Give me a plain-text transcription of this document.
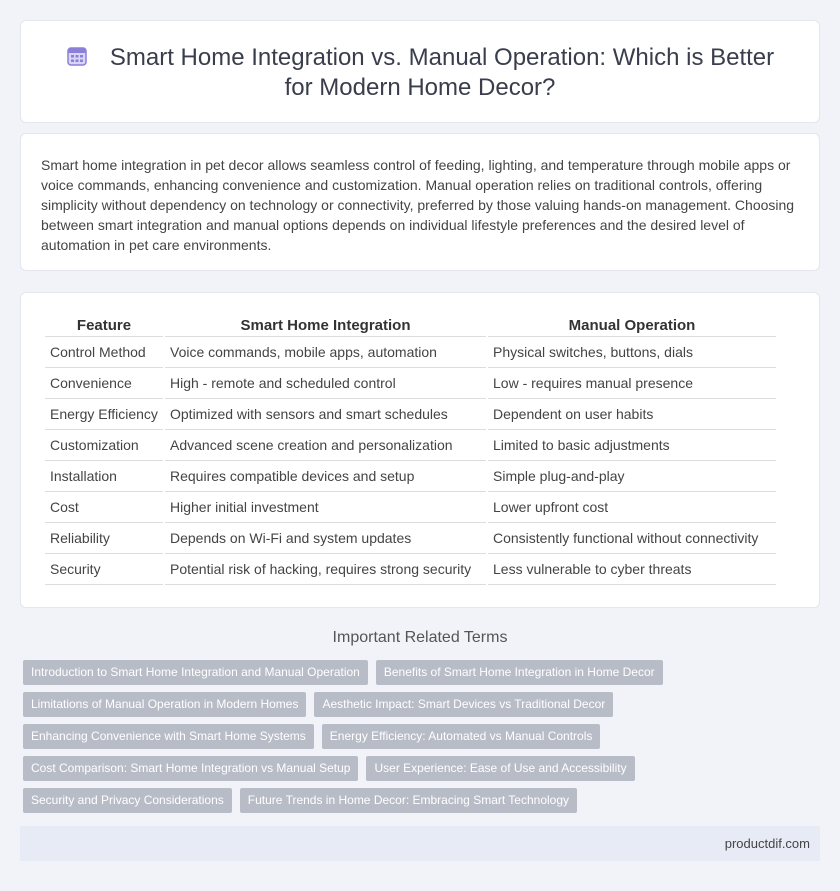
Smart Home Integration vs. Manual Operation: Which is Better for Modern Home Decor?

Smart home integration in pet decor allows seamless control of feeding, lighting, and temperature through mobile apps or voice commands, enhancing convenience and customization. Manual operation relies on traditional controls, offering simplicity without dependency on technology or connectivity, preferred by those valuing hands-on management. Choosing between smart integration and manual options depends on individual lifestyle preferences and the desired level of automation in pet care environments.

Feature	Smart Home Integration	Manual Operation
Control Method	Voice commands, mobile apps, automation	Physical switches, buttons, dials
Convenience	High - remote and scheduled control	Low - requires manual presence
Energy Efficiency	Optimized with sensors and smart schedules	Dependent on user habits
Customization	Advanced scene creation and personalization	Limited to basic adjustments
Installation	Requires compatible devices and setup	Simple plug-and-play
Cost	Higher initial investment	Lower upfront cost
Reliability	Depends on Wi-Fi and system updates	Consistently functional without connectivity
Security	Potential risk of hacking, requires strong security	Less vulnerable to cyber threats
Important Related Terms
Introduction to Smart Home Integration and Manual Operation	Benefits of Smart Home Integration in Home Decor
Limitations of Manual Operation in Modern Homes	Aesthetic Impact: Smart Devices vs Traditional Decor
Enhancing Convenience with Smart Home Systems	Energy Efficiency: Automated vs Manual Controls
Cost Comparison: Smart Home Integration vs Manual Setup	User Experience: Ease of Use and Accessibility
Security and Privacy Considerations	Future Trends in Home Decor: Embracing Smart Technology
productdif.com
